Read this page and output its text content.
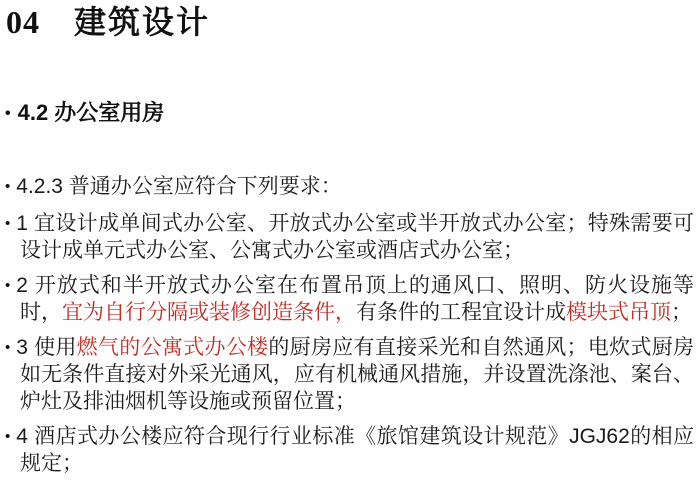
04 建筑设计
• 4.2 办公室用房

• 4.2.3 普通办公室应符合下列要求：

• 1 宜设计成单间式办公室、开放式办公室或半开放式办公室；特殊需要可设计成单元式办公室、公寓式办公室或酒店式办公室；

• 2 开放式和半开放式办公室在布置吊顶上的通风口、照明、防火设施等时，宜为自行分隔或装修创造条件，有条件的工程宜设计成模块式吊顶；

• 3 使用燃气的公寓式办公楼的厨房应有直接采光和自然通风；电炊式厨房如无条件直接对外采光通风，应有机械通风措施，并设置洗涤池、案台、炉灶及排油烟机等设施或预留位置；

• 4 酒店式办公楼应符合现行行业标准《旅馆建筑设计规范》JGJ62的相应规定；
